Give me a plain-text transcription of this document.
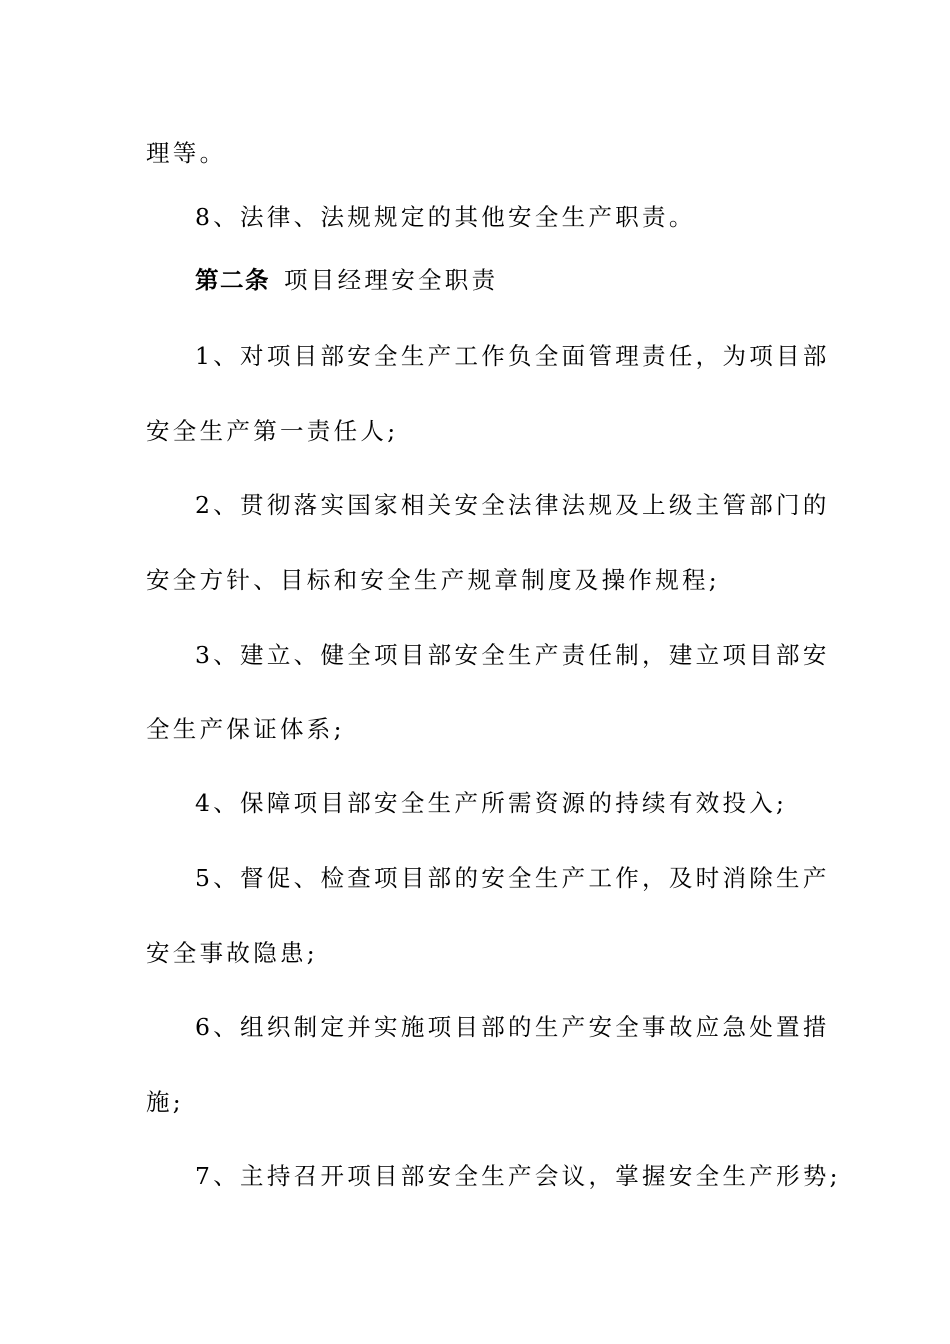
理等。
8、法律、法规规定的其他安全生产职责。
第二条 项目经理安全职责
1、对项目部安全生产工作负全面管理责任，为项目部
安全生产第一责任人;
2、贯彻落实国家相关安全法律法规及上级主管部门的
安全方针、目标和安全生产规章制度及操作规程;
3、建立、健全项目部安全生产责任制，建立项目部安
全生产保证体系;
4、保障项目部安全生产所需资源的持续有效投入;
5、督促、检查项目部的安全生产工作，及时消除生产
安全事故隐患;
6、组织制定并实施项目部的生产安全事故应急处置措
施;
7、主持召开项目部安全生产会议，掌握安全生产形势;
